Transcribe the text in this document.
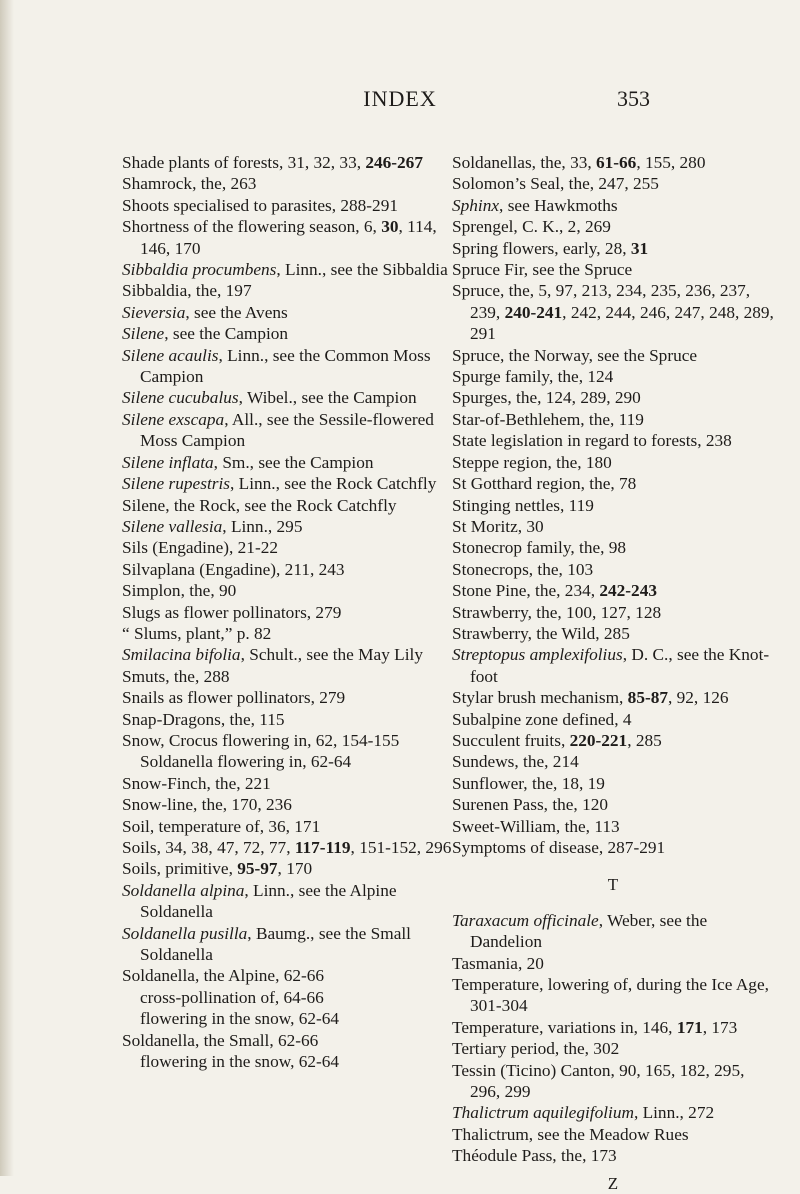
INDEX	353

Shade plants of forests, 31, 32, 33, 246-267

Shamrock, the, 263

Shoots specialised to parasites, 288-291

Shortness of the flowering season, 6, 30, 114, 146, 170

Sibbaldia procumbens, Linn., see the Sibbaldia

Sibbaldia, the, 197

Sieversia, see the Avens

Silene, see the Campion

Silene acaulis, Linn., see the Common Moss Campion

Silene cucubalus, Wibel., see the Campion

Silene exscapa, All., see the Sessile-flowered Moss Campion

Silene inflata, Sm., see the Campion

Silene rupestris, Linn., see the Rock Catchfly

Silene, the Rock, see the Rock Catchfly

Silene vallesia, Linn., 295

Sils (Engadine), 21-22

Silvaplana (Engadine), 211, 243

Simplon, the, 90

Slugs as flower pollinators, 279

“ Slums, plant,” p. 82

Smilacina bifolia, Schult., see the May Lily

Smuts, the, 288

Snails as flower pollinators, 279

Snap-Dragons, the, 115

Snow, Crocus flowering in, 62, 154-155

Soldanella flowering in, 62-64

Snow-Finch, the, 221

Snow-line, the, 170, 236

Soil, temperature of, 36, 171

Soils, 34, 38, 47, 72, 77, 117-119, 151-152, 296

Soils, primitive, 95-97, 170

Soldanella alpina, Linn., see the Alpine Soldanella

Soldanella pusilla, Baumg., see the Small Soldanella

Soldanella, the Alpine, 62-66

cross-pollination of, 64-66

flowering in the snow, 62-64

Soldanella, the Small, 62-66

flowering in the snow, 62-64

Soldanellas, the, 33, 61-66, 155, 280

Solomon’s Seal, the, 247, 255

Sphinx, see Hawkmoths

Sprengel, C. K., 2, 269

Spring flowers, early, 28, 31

Spruce Fir, see the Spruce

Spruce, the, 5, 97, 213, 234, 235, 236, 237, 239, 240-241, 242, 244, 246, 247, 248, 289, 291

Spruce, the Norway, see the Spruce

Spurge family, the, 124

Spurges, the, 124, 289, 290

Star-of-Bethlehem, the, 119

State legislation in regard to forests, 238

Steppe region, the, 180

St Gotthard region, the, 78

Stinging nettles, 119

St Moritz, 30

Stonecrop family, the, 98

Stonecrops, the, 103

Stone Pine, the, 234, 242-243

Strawberry, the, 100, 127, 128

Strawberry, the Wild, 285

Streptopus amplexifolius, D. C., see the Knot-foot

Stylar brush mechanism, 85-87, 92, 126

Subalpine zone defined, 4

Succulent fruits, 220-221, 285

Sundews, the, 214

Sunflower, the, 18, 19

Surenen Pass, the, 120

Sweet-William, the, 113

Symptoms of disease, 287-291

T

Taraxacum officinale, Weber, see the Dandelion

Tasmania, 20

Temperature, lowering of, during the Ice Age, 301-304

Temperature, variations in, 146, 171, 173

Tertiary period, the, 302

Tessin (Ticino) Canton, 90, 165, 182, 295, 296, 299

Thalictrum aquilegifolium, Linn., 272

Thalictrum, see the Meadow Rues

Théodule Pass, the, 173

Z
